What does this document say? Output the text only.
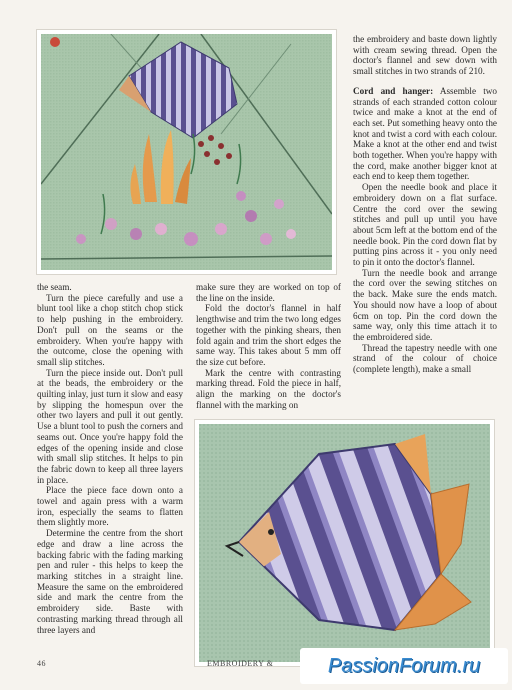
the seam.

Turn the piece carefully and use a blunt tool like a chop stitch chop stick to help pushing in the embroidery. Don't pull on the seams or the embroidery. When you're happy with the outcome, close the opening with small slip stitches.

Turn the piece inside out. Don't pull at the beads, the embroidery or the quilting inlay, just turn it slow and easy by slipping the homespun over the other two layers and pull it out gently. Use a blunt tool to push the corners and seams out. Once you're happy fold the edges of the opening inside and close with small slip stitches. It helps to pin the fabric down to keep all three layers in place.

Place the piece face down onto a towel and again press with a warm iron, especially the seams to flatten them slightly more.

Determine the centre from the short edge and draw a line across the backing fabric with the fading marking pen and ruler - this helps to keep the marking stitches in a straight line. Measure the same on the embroidered side and mark the centre from the embroidery side. Baste with contrasting marking thread through all three layers and

make sure they are worked on top of the line on the inside.

Fold the doctor's flannel in half lengthwise and trim the two long edges together with the pinking shears, then fold again and trim the short edges the same way. This takes about 5 mm off the size cut before.

Mark the centre with contrasting marking thread. Fold the piece in half, align the marking on the doctor's flannel with the marking on

the embroidery and baste down lightly with cream sewing thread. Open the doctor's flannel and sew down with small stitches in two strands of 210.

Cord and hanger: Assemble two strands of each stranded cotton colour twice and make a knot at the end of each set. Put something heavy onto the knot and twist a cord with each colour. Make a knot at the other end and twist both together. When you're happy with the cord, make another bigger knot at each end to keep them together.

Open the needle book and place it embroidery down on a flat surface. Centre the cord over the sewing stitches and pull up until you have about 5cm left at the bottom end of the needle book. Pin the cord down flat by putting pins across it - you only need to pin it onto the doctor's flannel.

Turn the needle book and arrange the cord over the sewing stitches on the back. Make sure the ends match. You should now have a loop of about 6cm on top. Pin the cord down the same way, only this time attach it to the embroidered side.

Thread the tapestry needle with one strand of the colour of choice (complete length), make a small

46	EMBROIDERY &	PassionForum.ru
